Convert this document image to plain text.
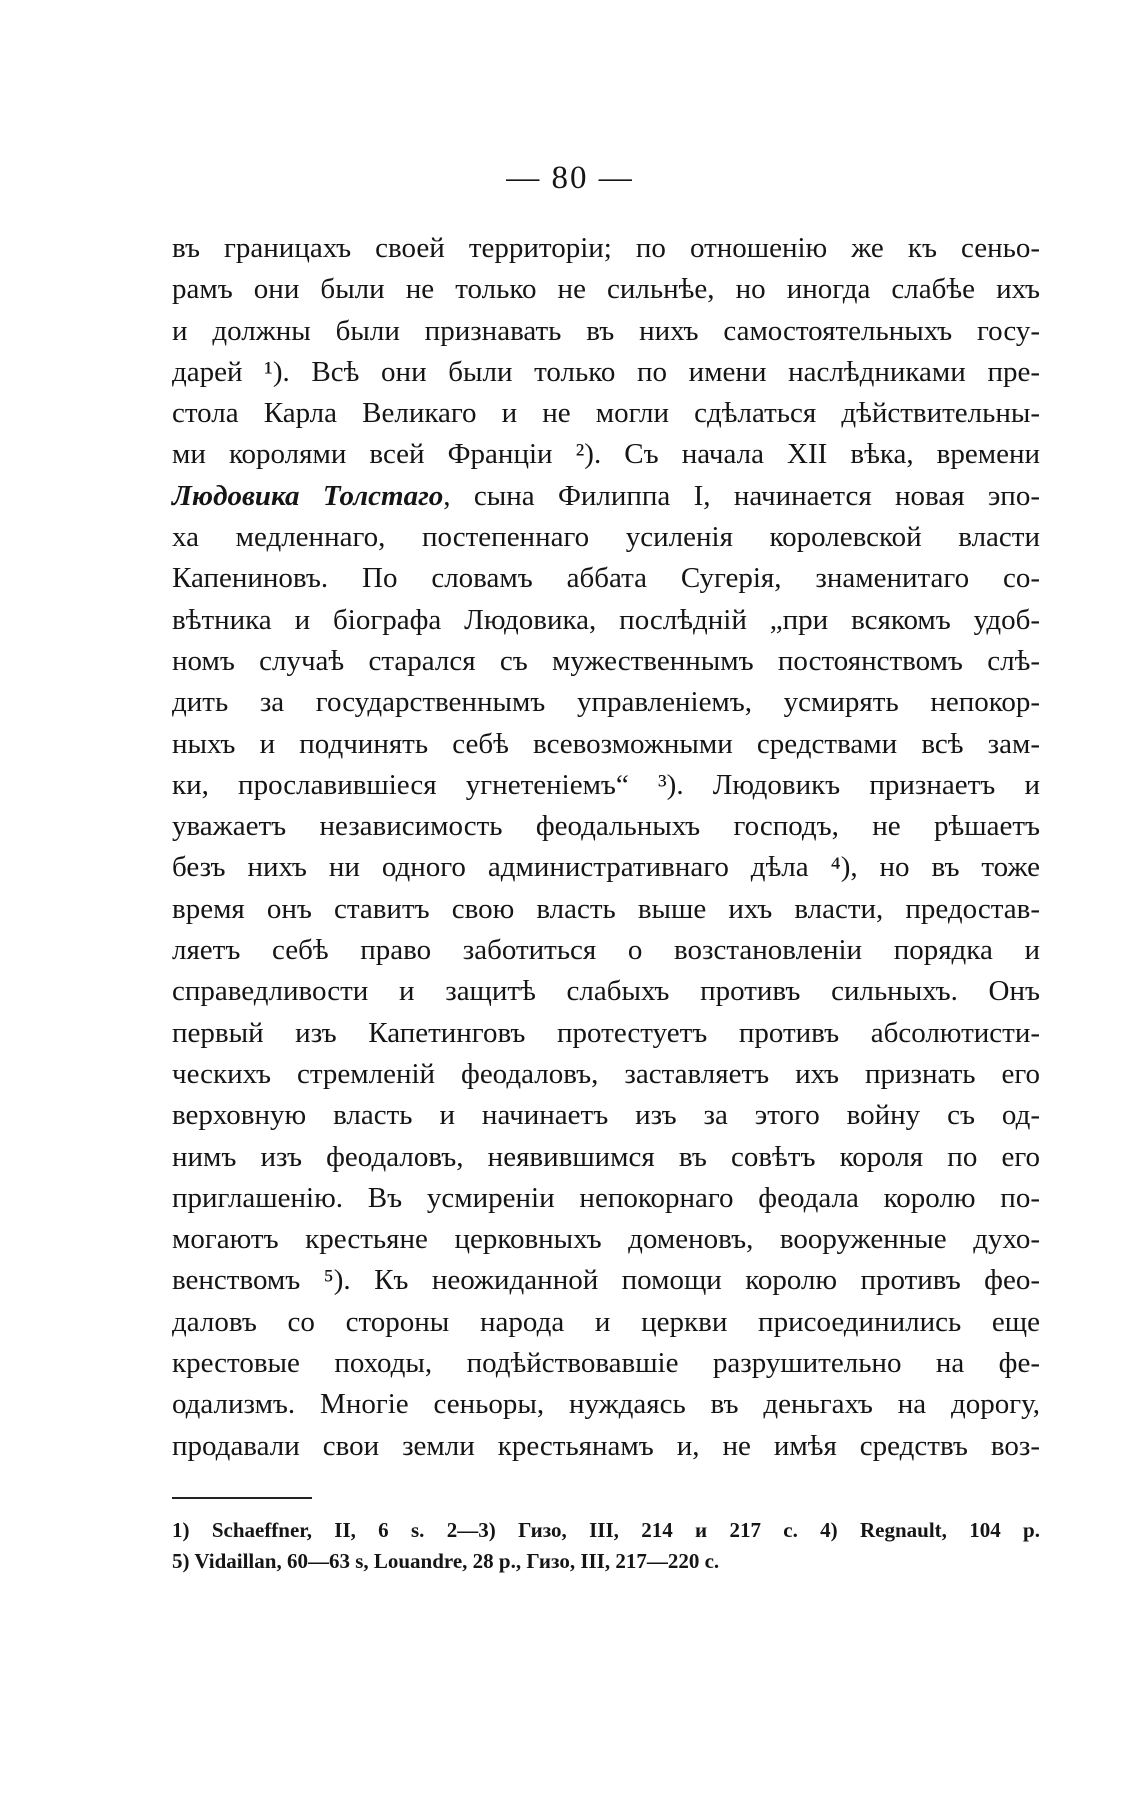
— 80 —
въ границахъ своей территоріи; по отношенію же къ сеньо-
рамъ они были не только не сильнѣе, но иногда слабѣе ихъ
и должны были признавать въ нихъ самостоятельныхъ госу-
дарей ¹). Всѣ они были только по имени наслѣдниками пре-
стола Карла Великаго и не могли сдѣлаться дѣйствительны-
ми королями всей Франціи ²). Съ начала XII вѣка, времени
Людовика Толстаго, сына Филиппа I, начинается новая эпо-
ха медленнаго, постепеннаго усиленія королевской власти
Капениновъ. По словамъ аббата Сугерія, знаменитаго со-
вѣтника и біографа Людовика, послѣдній „при всякомъ удоб-
номъ случаѣ старался съ мужественнымъ постоянствомъ слѣ-
дить за государственнымъ управленіемъ, усмирять непокор-
ныхъ и подчинять себѣ всевозможными средствами всѣ зам-
ки, прославившіеся угнетеніемъ“ ³). Людовикъ признаетъ и
уважаетъ независимость феодальныхъ господъ, не рѣшаетъ
безъ нихъ ни одного административнаго дѣла ⁴), но въ тоже
время онъ ставитъ свою власть выше ихъ власти, предостав-
ляетъ себѣ право заботиться о возстановленіи порядка и
справедливости и защитѣ слабыхъ противъ сильныхъ. Онъ
первый изъ Капетинговъ протестуетъ противъ абсолютисти-
ческихъ стремленій феодаловъ, заставляетъ ихъ признать его
верховную власть и начинаетъ изъ за этого войну съ од-
нимъ изъ феодаловъ, неявившимся въ совѣтъ короля по его
приглашенію. Въ усмиреніи непокорнаго феодала королю по-
могаютъ крестьяне церковныхъ доменовъ, вооруженные духо-
венствомъ ⁵). Къ неожиданной помощи королю противъ фео-
даловъ со стороны народа и церкви присоединились еще
крестовые походы, подѣйствовавшіе разрушительно на фе-
одализмъ. Многіе сеньоры, нуждаясь въ деньгахъ на дорогу,
продавали свои земли крестьянамъ и, не имѣя средствъ воз-
1) Schaeffner, II, 6 s. 2—3) Гизо, III, 214 и 217 с. 4) Regnault, 104 p.
5) Vidaillan, 60—63 s, Louandre, 28 p., Гизо, III, 217—220 с.
